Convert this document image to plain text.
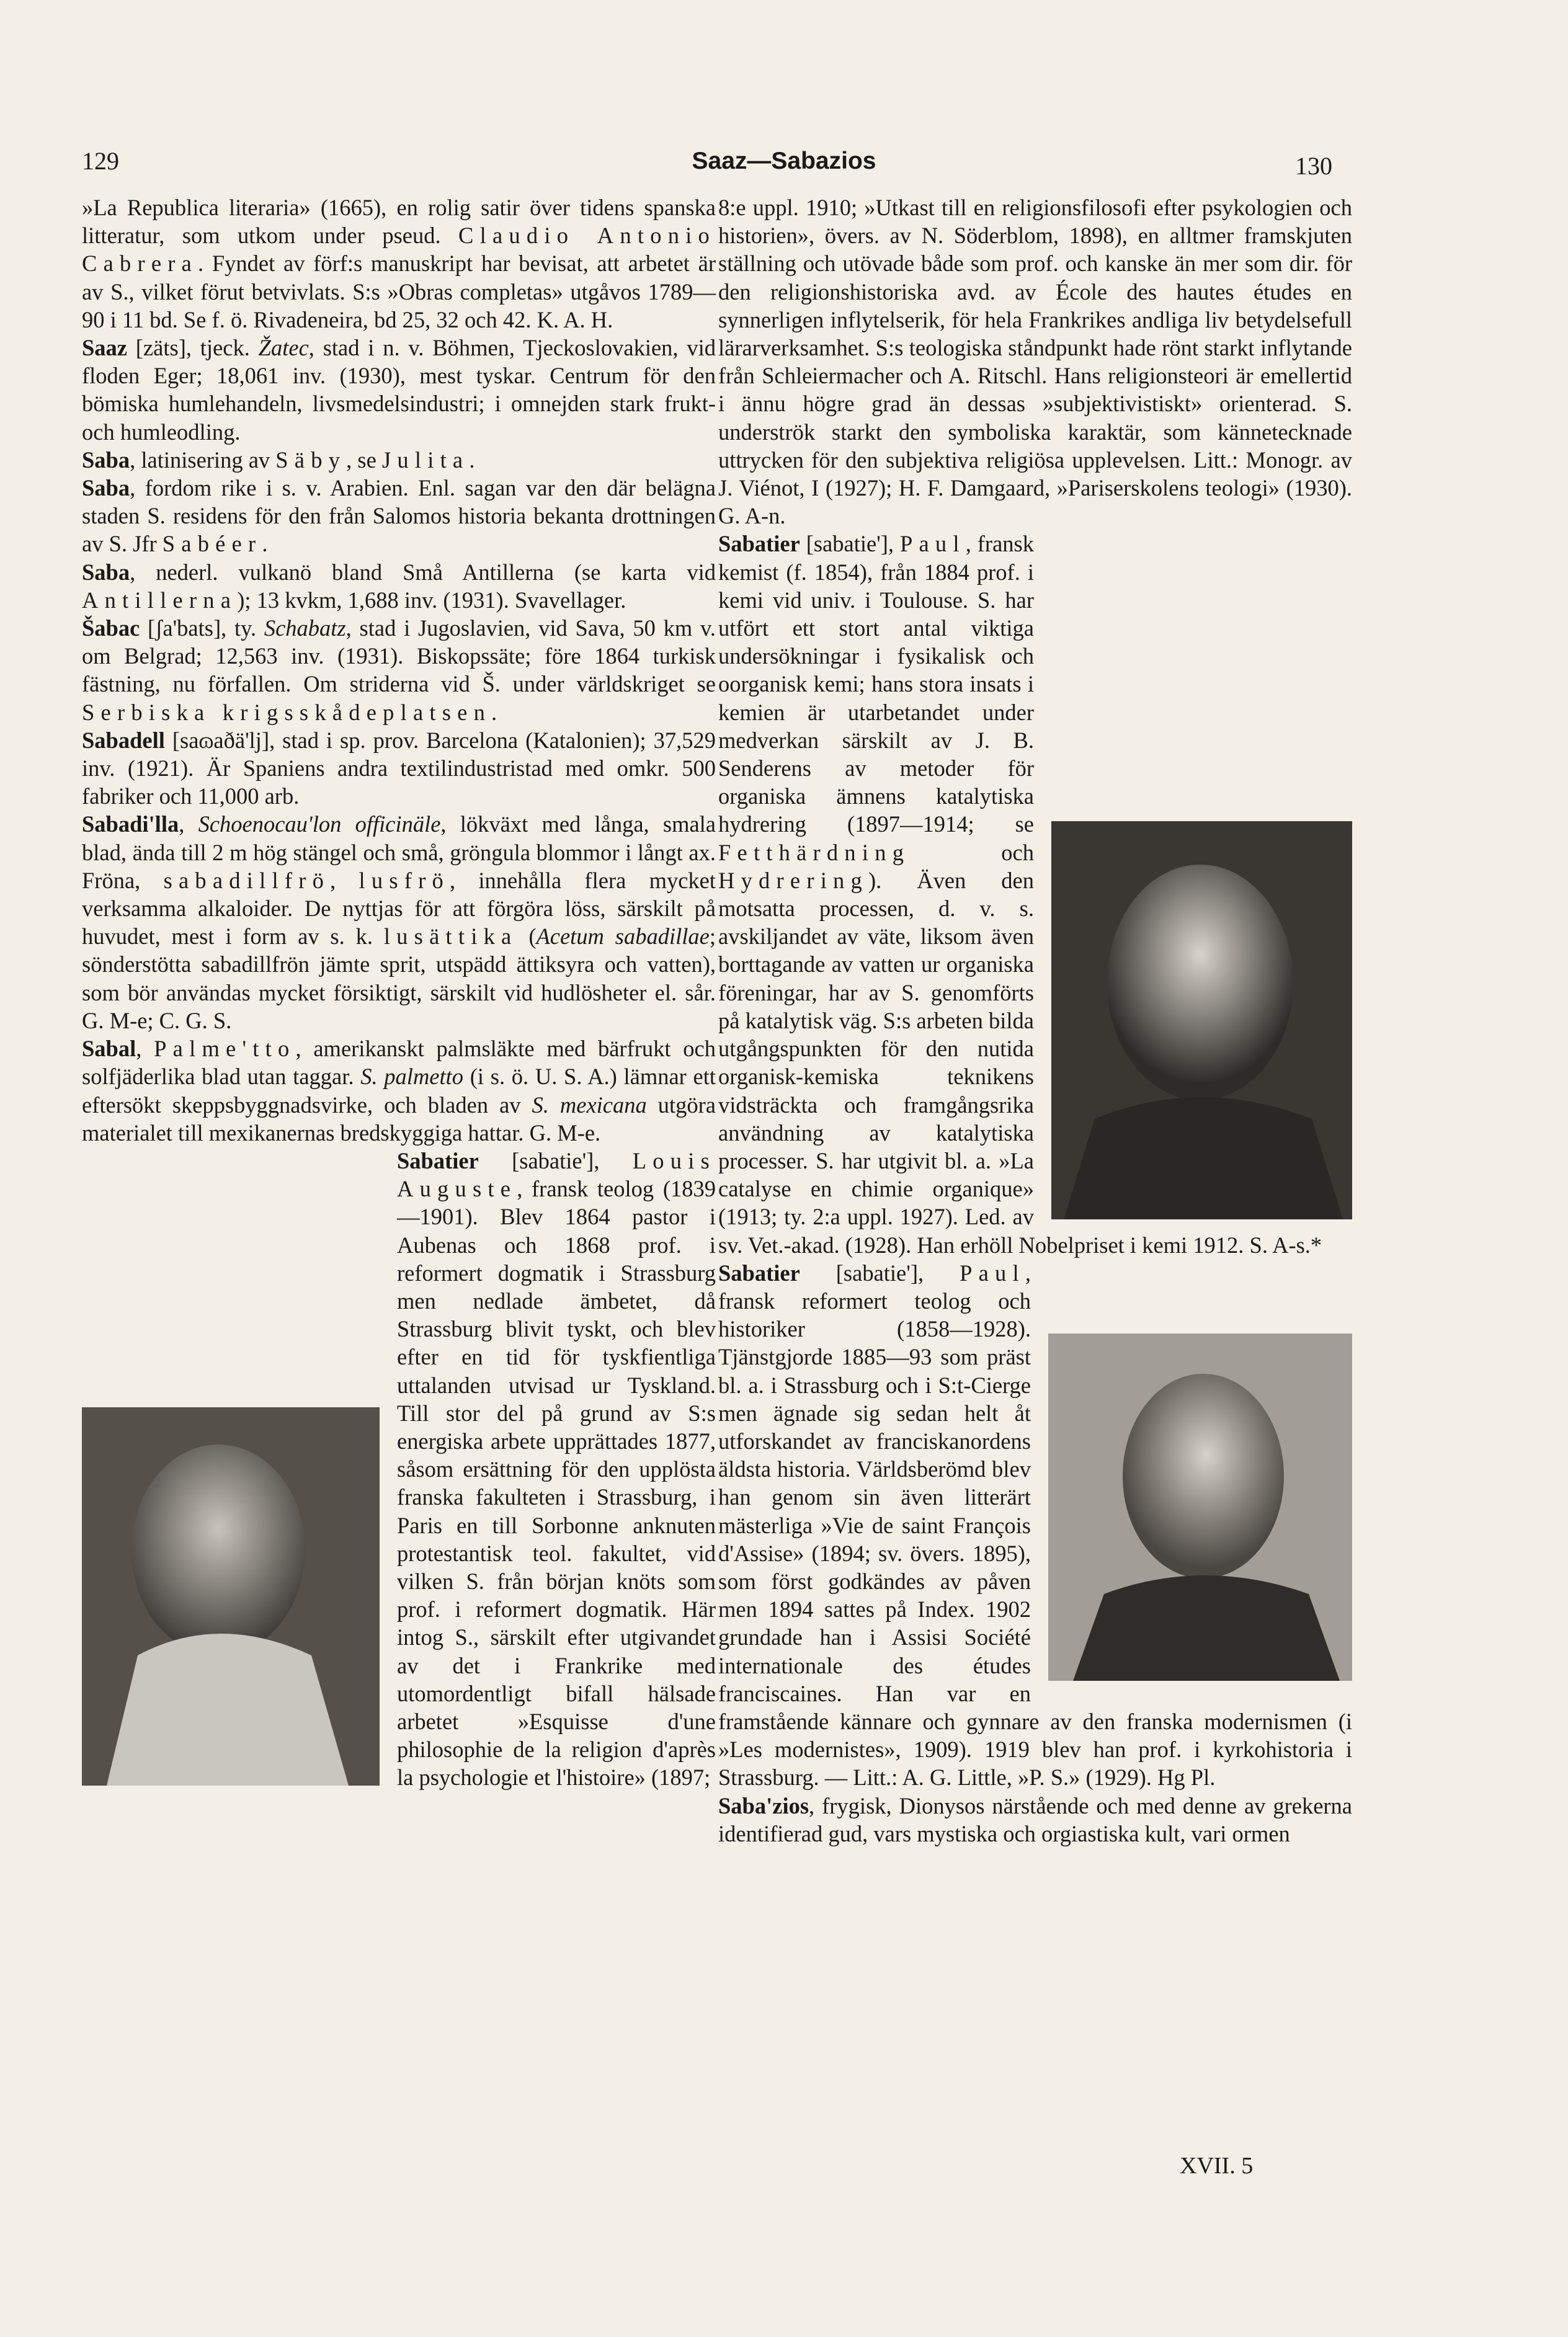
129	Saaz—Sabazios	130

»La Republica literaria» (1665), en rolig satir över tidens spanska litteratur, som utkom under pseud. Claudio Antonio Cabrera. Fyndet av förf:s manuskript har bevisat, att arbetet är av S., vilket förut betvivlats. S:s »Obras completas» utgåvos 1789—90 i 11 bd. Se f. ö. Rivadeneira, bd 25, 32 och 42. K. A. H.

Saaz [zäts], tjeck. Žatec, stad i n. v. Böhmen, Tjeckoslovakien, vid floden Eger; 18,061 inv. (1930), mest tyskar. Centrum för den bömiska humlehandeln, livsmedelsindustri; i omnejden stark frukt- och humleodling.

Saba, latinisering av Säby, se Julita.

Saba, fordom rike i s. v. Arabien. Enl. sagan var den där belägna staden S. residens för den från Salomos historia bekanta drottningen av S. Jfr Sabéer.

Saba, nederl. vulkanö bland Små Antillerna (se karta vid Antillerna); 13 kvkm, 1,688 inv. (1931). Svavellager.

Šabac [ʃa'bats], ty. Schabatz, stad i Jugoslavien, vid Sava, 50 km v. om Belgrad; 12,563 inv. (1931). Biskopssäte; före 1864 turkisk fästning, nu förfallen. Om striderna vid Š. under världskriget se Serbiska krigsskådeplatsen.

Sabadell [saɷaðä'lj], stad i sp. prov. Barcelona (Katalonien); 37,529 inv. (1921). Är Spaniens andra textilindustristad med omkr. 500 fabriker och 11,000 arb.

Sabadi'lla, Schoenocau'lon officinäle, lökväxt med långa, smala blad, ända till 2 m hög stängel och små, gröngula blommor i långt ax. Fröna, sabadillfrö, lusfrö, innehålla flera mycket verksamma alkaloider. De nyttjas för att förgöra löss, särskilt på huvudet, mest i form av s. k. lusättika (Acetum sabadillae; sönderstötta sabadillfrön jämte sprit, utspädd ättiksyra och vatten), som bör användas mycket försiktigt, särskilt vid hudlösheter el. sår. G. M-e; C. G. S.

Sabal, Palme'tto, amerikanskt palmsläkte med bärfrukt och solfjäderlika blad utan taggar. S. palmetto (i s. ö. U. S. A.) lämnar ett eftersökt skeppsbyggnadsvirke, och bladen av S. mexicana utgöra materialet till mexikanernas bredskyggiga hattar. G. M-e.

Sabatier
[sabatie'], Louis Auguste, fransk teolog (1839—1901). Blev 1864 pastor i Aubenas och 1868 prof. i reformert dogmatik i Strassburg men nedlade ämbetet, då Strassburg blivit tyskt, och blev efter en tid för tyskfientliga uttalanden utvisad ur Tyskland. Till stor del på grund av S:s energiska arbete upprättades 1877, såsom ersättning för den upplösta franska fakulteten i Strassburg, i Paris en till Sorbonne anknuten protestantisk teol. fakultet, vid vilken S. från början knöts som prof. i reformert dogmatik. Här intog S., särskilt efter utgivandet av det i Frankrike med utomordentligt bifall hälsade arbetet »Esquisse d'une philosophie de la religion d'après la psychologie et l'histoire» (1897;

8:e uppl. 1910; »Utkast till en religionsfilosofi efter psykologien och historien», övers. av N. Söderblom, 1898), en alltmer framskjuten ställning och utövade både som prof. och kanske än mer som dir. för den religionshistoriska avd. av École des hautes études en synnerligen inflytelserik, för hela Frankrikes andliga liv betydelsefull lärarverksamhet. S:s teologiska ståndpunkt hade rönt starkt inflytande från Schleiermacher och A. Ritschl. Hans religionsteori är emellertid i ännu högre grad än dessas »subjektivistiskt» orienterad. S. underströk starkt den symboliska karaktär, som kännetecknade uttrycken för den subjektiva religiösa upplevelsen. Litt.: Monogr. av J. Viénot, I (1927); H. F. Damgaard, »Pariserskolens teologi» (1930). G. A-n.

Sabatier [sabatie'], Paul
, fransk kemist (f. 1854), från 1884 prof. i kemi vid univ. i Toulouse. S. har utfört ett stort antal viktiga undersökningar i fysikalisk och oorganisk kemi; hans stora insats i kemien är utarbetandet under medverkan särskilt av J. B. Senderens av metoder för organiska ämnens katalytiska hydrering (1897—1914; se Fetthärdning och Hydrering). Även den motsatta processen, d. v. s. avskiljandet av väte, liksom även borttagande av vatten ur organiska föreningar, har av S. genomförts på katalytisk väg. S:s arbeten bilda utgångspunkten för den nutida organisk-kemiska teknikens vidsträckta och framgångsrika användning av katalytiska processer. S. har utgivit bl. a. »La catalyse en chimie organique» (1913; ty. 2:a uppl. 1927). Led. av sv. Vet.-akad. (1928). Han erhöll Nobelpriset i kemi 1912. S. A-s.*

Sabatier [sabatie'], Paul
, fransk reformert teolog och historiker (1858—1928). Tjänstgjorde 1885—93 som präst bl. a. i Strassburg och i S:t-Cierge men ägnade sig sedan helt åt utforskandet av franciskanordens äldsta historia. Världsberömd blev han genom sin även litterärt mästerliga »Vie de saint François d'Assise» (1894; sv. övers. 1895), som först godkändes av påven men 1894 sattes på Index. 1902 grundade han i Assisi Société internationale des études franciscaines. Han var en framstående kännare och gynnare av den franska modernismen (i »Les modernistes», 1909). 1919 blev han prof. i kyrkohistoria i Strassburg. — Litt.: A. G. Little, »P. S.» (1929). Hg Pl.

Saba'zios, frygisk, Dionysos närstående och med denne av grekerna identifierad gud, vars mystiska och orgiastiska kult, vari ormen

XVII. 5
